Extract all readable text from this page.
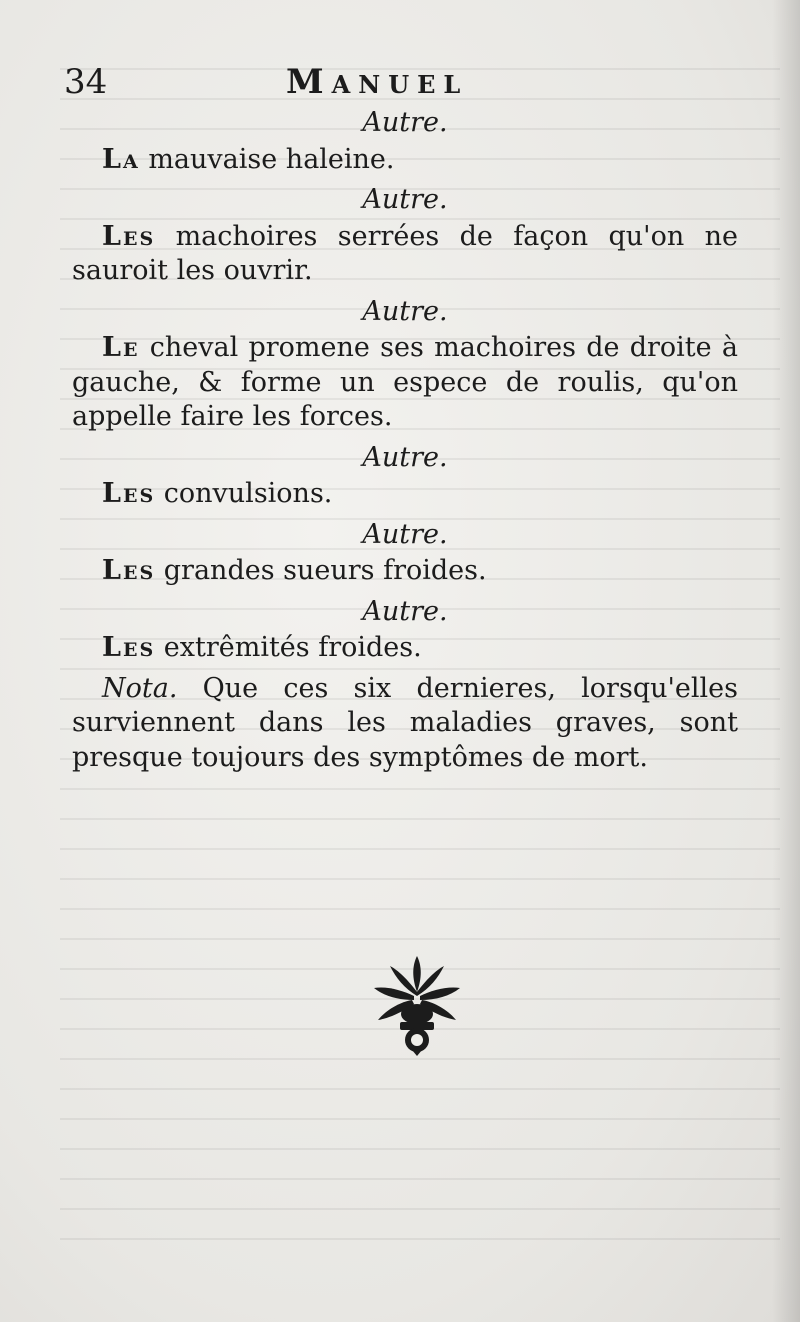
34	Manuel

Autre.

La mauvaise haleine.

Autre.

Les machoires serrées de façon qu'on ne sauroit les ouvrir.

Autre.

Le cheval promene ses machoires de droite à gauche, & forme un espece de roulis, qu'on appelle faire les forces.

Autre.

Les convulsions.

Autre.

Les grandes sueurs froides.

Autre.

Les extrêmités froides.

Nota. Que ces six dernieres, lorsqu'elles surviennent dans les maladies graves, sont presque toujours des symptômes de mort.
